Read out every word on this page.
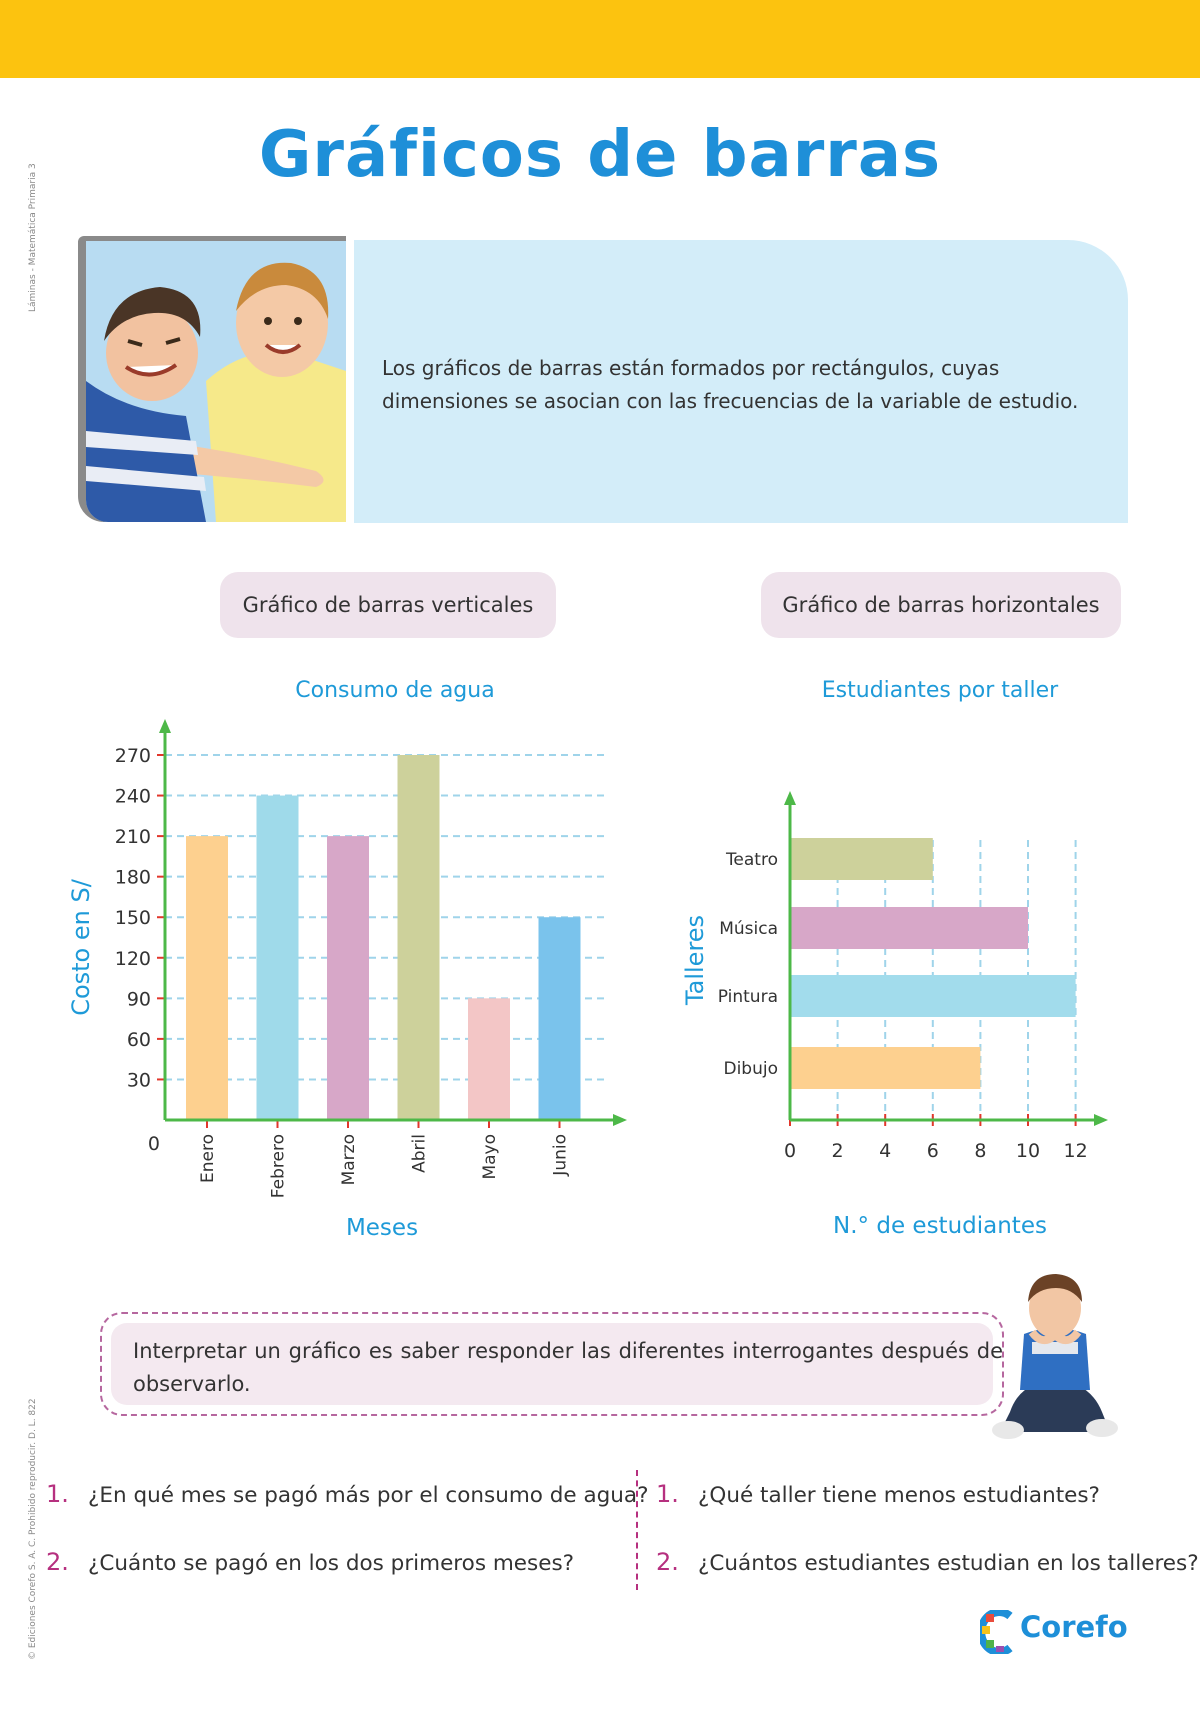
Láminas - Matemática Primaria 3
© Ediciones Corefo S. A. C. Prohibido reproducir. D. L. 822
Gráficos de barras
Los gráficos de barras están formados por rectángulos, cuyas dimensiones se asocian con las frecuencias de la variable de estudio.
Gráfico de barras verticales	Gráfico de barras horizontales
Consumo de agua	Estudiantes por taller
30
60
90
120
150
180
210
240
270
Enero	Febrero	Marzo	Abril	Mayo	Junio
0
Costo en S/
Meses
Teatro
Música
Pintura
Dibujo
0 2 4 6 8 10 12
Talleres
N.° de estudiantes
Interpretar un gráfico es saber responder las diferentes interrogantes después de observarlo.
1. ¿En qué mes se pagó más por el consumo de agua?
2. ¿Cuánto se pagó en los dos primeros meses?
1. ¿Qué taller tiene menos estudiantes?
2. ¿Cuántos estudiantes estudian en los talleres?
Corefo
